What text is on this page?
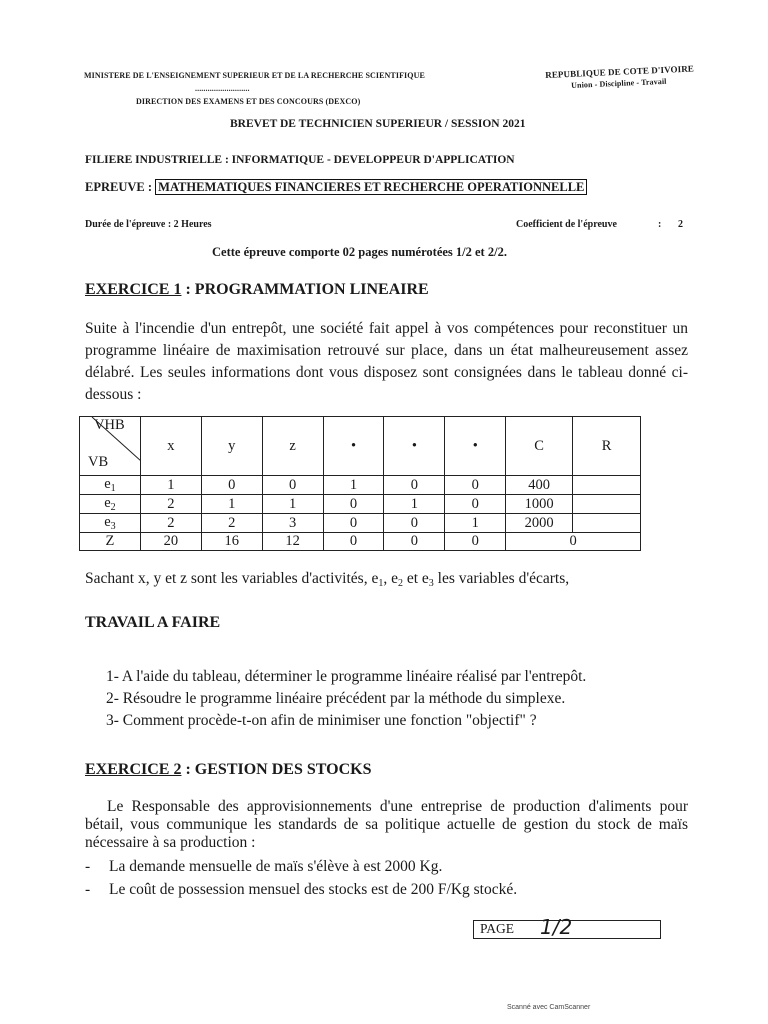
MINISTERE DE L'ENSEIGNEMENT SUPERIEUR ET DE LA RECHERCHE SCIENTIFIQUE
..........................
DIRECTION DES EXAMENS ET DES CONCOURS (DEXCO)
REPUBLIQUE DE COTE D'IVOIRE
Union - Discipline - Travail
BREVET DE TECHNICIEN SUPERIEUR / SESSION 2021
FILIERE INDUSTRIELLE : INFORMATIQUE - DEVELOPPEUR D'APPLICATION
EPREUVE : MATHEMATIQUES FINANCIERES ET RECHERCHE OPERATIONNELLE
Durée de l'épreuve : 2 Heures	Coefficient de l'épreuve	: 2
Cette épreuve comporte 02 pages numérotées 1/2 et 2/2.
EXERCICE 1 : PROGRAMMATION LINEAIRE
Suite à l'incendie d'un entrepôt, une société fait appel à vos compétences pour reconstituer un programme linéaire de maximisation retrouvé sur place, dans un état malheureusement assez délabré. Les seules informations dont vous disposez sont consignées dans le tableau donné ci-dessous :
VHB
VB	x	y	z	•	•	•	C	R
$e_1$	1	0	0	1	0	0	400	
$e_2$	2	1	1	0	1	0	1000	
$e_3$	2	2	3	0	0	1	2000	
Z	20	16	12	0	0	0	0	
Sachant x, y et z sont les variables d'activités, $e_1$, $e_2$ et $e_3$ les variables d'écarts,
TRAVAIL A FAIRE
1- A l'aide du tableau, déterminer le programme linéaire réalisé par l'entrepôt.
2- Résoudre le programme linéaire précédent par la méthode du simplexe.
3- Comment procède-t-on afin de minimiser une fonction "objectif" ?
EXERCICE 2 : GESTION DES STOCKS
Le Responsable des approvisionnements d'une entreprise de production d'aliments pour bétail, vous communique les standards de sa politique actuelle de gestion du stock de maïs nécessaire à sa production :
- La demande mensuelle de maïs s'élève à est 2000 Kg.
- Le coût de possession mensuel des stocks est de 200 F/Kg stocké.
PAGE 1/2
Scanné avec CamScanner
